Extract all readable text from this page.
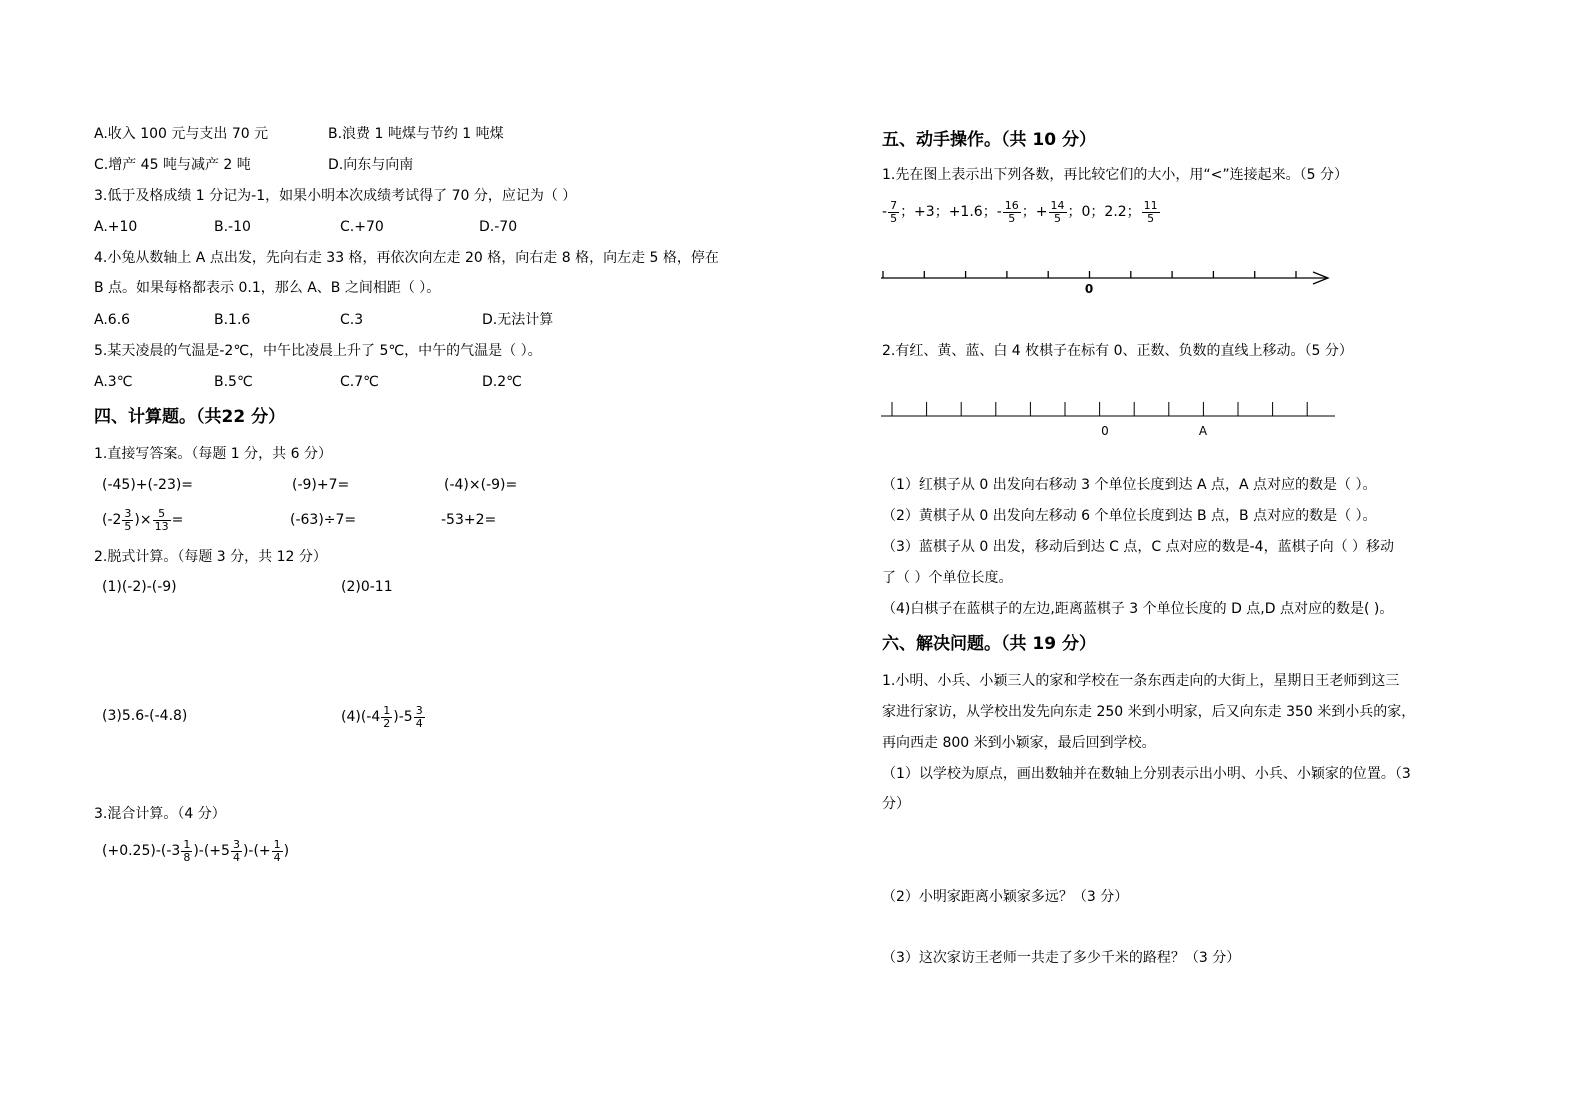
A.收入 100 元与支出 70 元	B.浪费 1 吨煤与节约 1 吨煤
C.增产 45 吨与减产 2 吨	D.向东与向南
3.低于及格成绩 1 分记为-1，如果小明本次成绩考试得了 70 分，应记为（ ）
A.+10	B.-10	C.+70	D.-70
4.小兔从数轴上 A 点出发，先向右走 33 格，再依次向左走 20 格，向右走 8 格，向左走 5 格，停在
B 点。如果每格都表示 0.1，那么 A、B 之间相距（ ）。
A.6.6	B.1.6	C.3	D.无法计算
5.某天凌晨的气温是-2℃，中午比凌晨上升了 5℃，中午的气温是（ ）。
A.3℃	B.5℃	C.7℃	D.2℃
四、计算题。（共22 分）
1.直接写答案。（每题 1 分，共 6 分）
(-45)+(-23)=	(-9)+7=	(-4)×(-9)=
($-2 \frac{3}{5}$ )× $\frac{5}{13}$ =	(-63)÷7=	-53+2=
2.脱式计算。（每题 3 分，共 12 分）
(1)(-2)-(-9)	(2)0-11
(3)5.6-(-4.8)	$(4)(-4 \frac{1}{2} )-5 \frac{3}{4}$
3.混合计算。（4 分）
$(+0.25)-(-3 \frac{1}{8} )-(+5 \frac{3}{4}$ )-(+ $\frac{1}{4}$ )
五、动手操作。（共 10 分）
1.先在图上表示出下列各数，再比较它们的大小，用“<”连接起来。（5 分）
- $\frac{7}{5}$ ；+3；+1.6；- $\frac{16}{5}$ ；+ $\frac{14}{5}$ ；0；2.2； $\frac{11}{5}$
0
2.有红、黄、蓝、白 4 枚棋子在标有 0、正数、负数的直线上移动。（5 分）
0	A
（1）红棋子从 0 出发向右移动 3 个单位长度到达 A 点，A 点对应的数是（ ）。
（2）黄棋子从 0 出发向左移动 6 个单位长度到达 B 点，B 点对应的数是（ ）。
（3）蓝棋子从 0 出发，移动后到达 C 点，C 点对应的数是-4，蓝棋子向（ ）移动
了（ ）个单位长度。
（4)白棋子在蓝棋子的左边,距离蓝棋子 3 个单位长度的 D 点,D 点对应的数是( )。
六、解决问题。（共 19 分）
1.小明、小兵、小颖三人的家和学校在一条东西走向的大街上，星期日王老师到这三
家进行家访，从学校出发先向东走 250 米到小明家，后又向东走 350 米到小兵的家，
再向西走 800 米到小颖家，最后回到学校。
（1）以学校为原点，画出数轴并在数轴上分别表示出小明、小兵、小颖家的位置。（3
分）
（2）小明家距离小颖家多远？（3 分）
（3）这次家访王老师一共走了多少千米的路程？（3 分）
